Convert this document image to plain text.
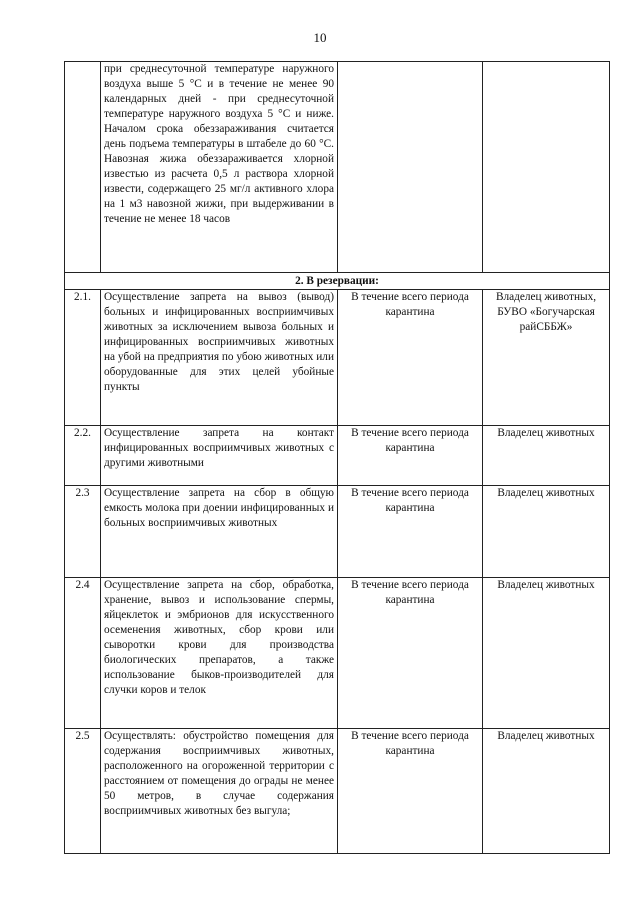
10

	при среднесуточной температуре наружного воздуха выше 5 °С и в течение не менее 90 календарных дней - при среднесуточной температуре наружного воздуха 5 °С и ниже. Началом срока обеззараживания считается день подъема температуры в штабеле до 60 °С. Навозная жижа обеззараживается хлорной известью из расчета 0,5 л раствора хлорной извести, содержащего 25 мг/л активного хлора на 1 м3 навозной жижи, при выдерживании в течение не менее 18 часов		

2. В резервации:			
2.1.	Осуществление запрета на вывоз (вывод) больных и инфицированных восприимчивых животных за исключением вывоза больных и инфицированных восприимчивых животных на убой на предприятия по убою животных или оборудованные для этих целей убойные пункты	В течение всего периода карантина	Владелец животных, БУВО «Богучарская райСББЖ»
2.2.	Осуществление запрета на контакт инфицированных восприимчивых животных с другими животными	В течение всего периода карантина	Владелец животных
2.3	Осуществление запрета на сбор в общую емкость молока при доении инфицированных и больных восприимчивых животных	В течение всего периода карантина	Владелец животных
2.4	Осуществление запрета на сбор, обработка, хранение, вывоз и использование спермы, яйцеклеток и эмбрионов для искусственного осеменения животных, сбор крови или сыворотки крови для производства биологических препаратов, а также использование быков-производителей для случки коров и телок	В течение всего периода карантина	Владелец животных
2.5	Осуществлять: обустройство помещения для содержания восприимчивых животных, расположенного на огороженной территории с расстоянием от помещения до ограды не менее 50 метров, в случае содержания восприимчивых животных без выгула;	В течение всего периода карантина	Владелец животных
